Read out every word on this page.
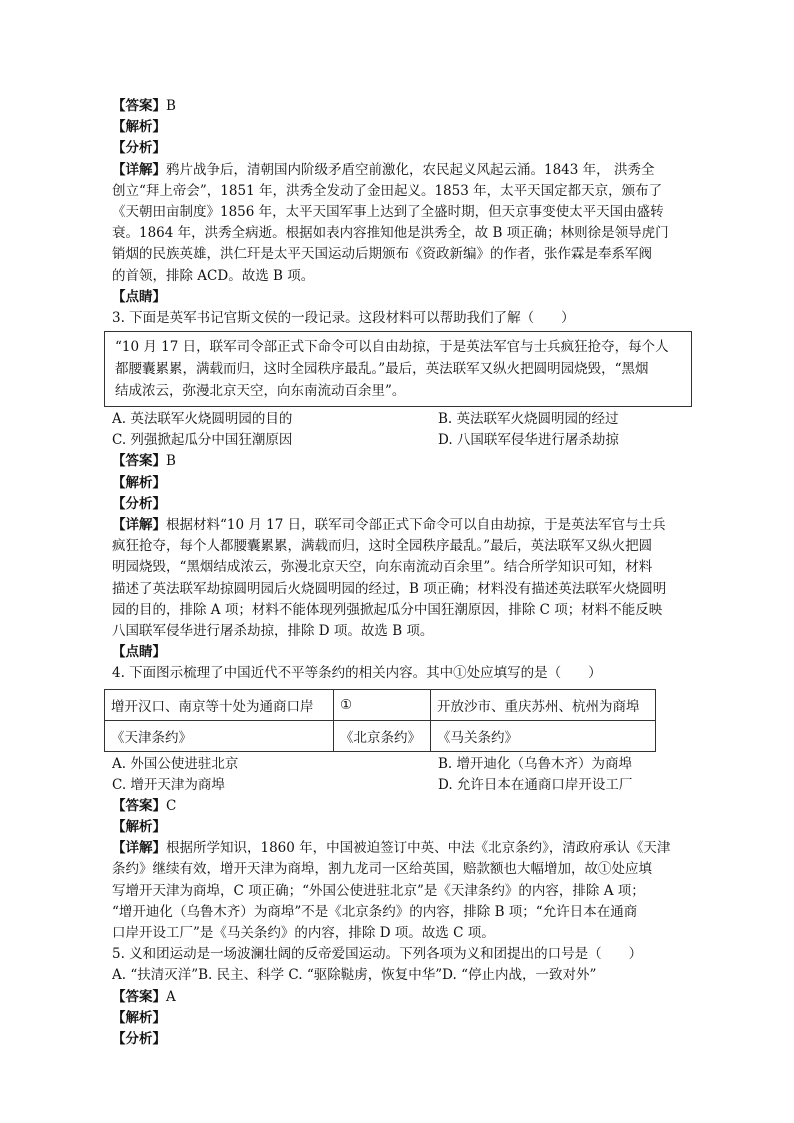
【答案】B
【解析】
【分析】
【详解】鸦片战争后，清朝国内阶级矛盾空前激化，农民起义风起云涌。1843 年， 洪秀全
创立“拜上帝会”，1851 年，洪秀全发动了金田起义。1853 年，太平天国定都天京，颁布了
《天朝田亩制度》1856 年，太平天国军事上达到了全盛时期，但天京事变使太平天国由盛转
衰。1864 年，洪秀全病逝。根据如表内容推知他是洪秀全，故 B 项正确；林则徐是领导虎门
销烟的民族英雄，洪仁玕是太平天国运动后期颁布《资政新编》的作者，张作霖是奉系军阀
的首领，排除 ACD。故选 B 项。
【点睛】
3. 下面是英军书记官斯文侯的一段记录。这段材料可以帮助我们了解（　　）
“10 月 17 日，联军司令部正式下命令可以自由劫掠，于是英法军官与士兵疯狂抢夺，每个人
都腰囊累累，满载而归，这时全园秩序最乱。”最后，英法联军又纵火把圆明园烧毁，“黑烟
结成浓云，弥漫北京天空，向东南流动百余里”。
A. 英法联军火烧圆明园的目的	B. 英法联军火烧圆明园的经过
C. 列强掀起瓜分中国狂潮原因	D. 八国联军侵华进行屠杀劫掠
【答案】B
【解析】
【分析】
【详解】根据材料“10 月 17 日，联军司令部正式下命令可以自由劫掠，于是英法军官与士兵
疯狂抢夺，每个人都腰囊累累，满载而归，这时全园秩序最乱。”最后，英法联军又纵火把圆
明园烧毁，“黑烟结成浓云，弥漫北京天空，向东南流动百余里”。结合所学知识可知，材料
描述了英法联军劫掠圆明园后火烧圆明园的经过，B 项正确；材料没有描述英法联军火烧圆明
园的目的，排除 A 项；材料不能体现列强掀起瓜分中国狂潮原因，排除 C 项；材料不能反映
八国联军侵华进行屠杀劫掠，排除 D 项。故选 B 项。
【点睛】
4. 下面图示梳理了中国近代不平等条约的相关内容。其中①处应填写的是（　　）
增开汉口、南京等十处为通商口岸	①	开放沙市、重庆苏州、杭州为商埠
《天津条约》	《北京条约》	《马关条约》
A. 外国公使进驻北京	B. 增开迪化（乌鲁木齐）为商埠
C. 增开天津为商埠	D. 允许日本在通商口岸开设工厂
【答案】C
【解析】
【详解】根据所学知识，1860 年，中国被迫签订中英、中法《北京条约》，清政府承认《天津
条约》继续有效，增开天津为商埠，割九龙司一区给英国，赔款额也大幅增加，故①处应填
写增开天津为商埠，C 项正确；“外国公使进驻北京”是《天津条约》的内容，排除 A 项；
“增开迪化（乌鲁木齐）为商埠”不是《北京条约》的内容，排除 B 项；“允许日本在通商
口岸开设工厂”是《马关条约》的内容，排除 D 项。故选 C 项。
5. 义和团运动是一场波澜壮阔的反帝爱国运动。下列各项为义和团提出的口号是（　　）
A. “扶清灭洋”B. 民主、科学 C. “驱除鞑虏，恢复中华”D. “停止内战，一致对外”
【答案】A
【解析】
【分析】
